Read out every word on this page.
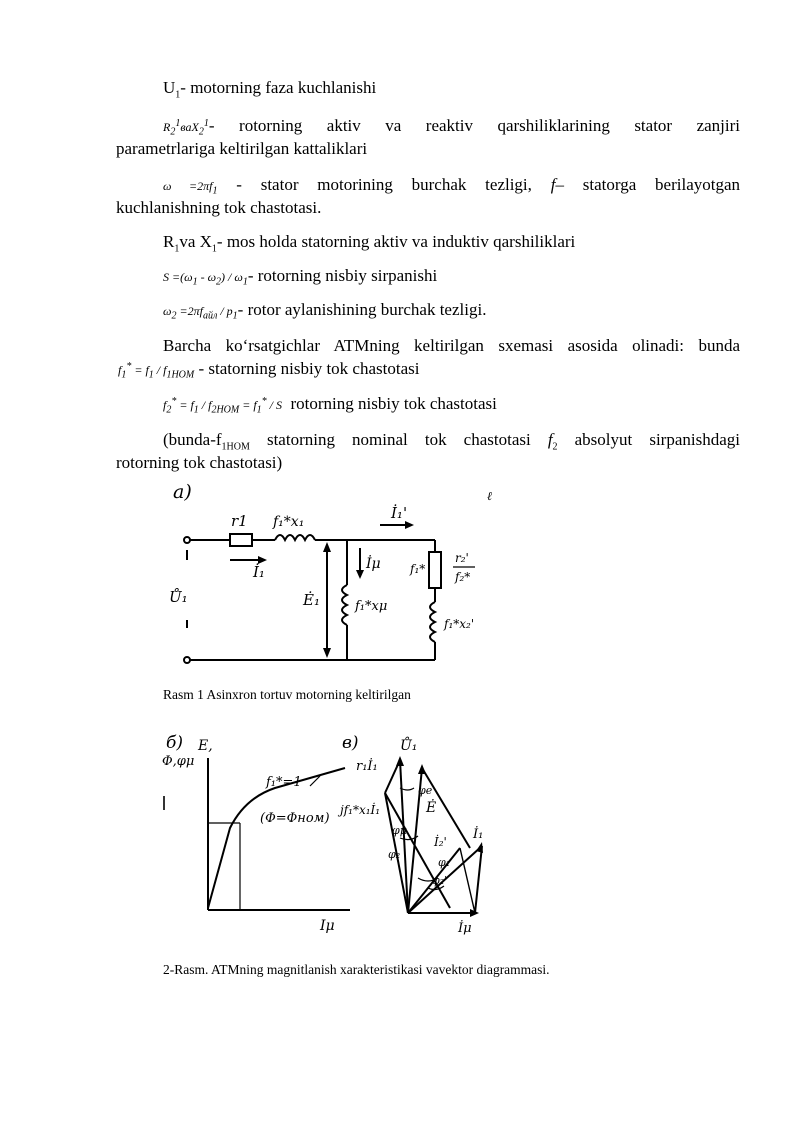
$U_1-$ motorning faza kuchlanishi
$R_2^1вaX_2^1-$ rotorning aktiv va reaktiv qarshiliklarining stator zanjiri
parametrlariga keltirilgan kattaliklari
$\omega =2\pi f_1$ - stator motorining burchak tezligi, f– statorga berilayotgan
kuchlanishning tok chastotasi.
$R_1va$ $X_1-$ mos holda statorning aktiv va induktiv qarshiliklari
$S =(\omega_1 - \omega_2) / \omega_1-$ rotorning nisbiy sirpanishi
$\omega_2 =2\pi f_{aйл} / p_1-$ rotor aylanishining burchak tezligi.
Barcha ko‘rsatgichlar ATMning keltirilgan sxemasi asosida olinadi: bunda
$f_1^* = f_1 / f_{1НОМ}$ - statorning nisbiy tok chastotasi
$f_2^* = f_1 / f_{2НОМ} = f_1^* / S$ rotorning nisbiy tok chastotasi
($bunda-f_{1HOM}$ statorning nominal tok chastotasi $f_2$ absolyut sirpanishdagi
rotorning tok chastotasi)
a)	ℓ
r1 f₁*x₁
İ₁
İ₁'
Ů₁	Ė₁
İμ
f₁*xμ
f₁*
r₂'
f₂*
f₁*x₂'
Rasm 1 Asinxron tortuv motorning keltirilgan
б) E,
Φ,φμ
f₁*=1
(Φ=Φном)
Iμ
в)	Ů₁
r₁İ₁
φe
Ė
jf₁*x₁İ₁
φμ
İ₂' İ₁
φ₂
φ₁
φ₂'
İμ
2-Rasm. ATMning magnitlanish xarakteristikasi vavektor diagrammasi.
